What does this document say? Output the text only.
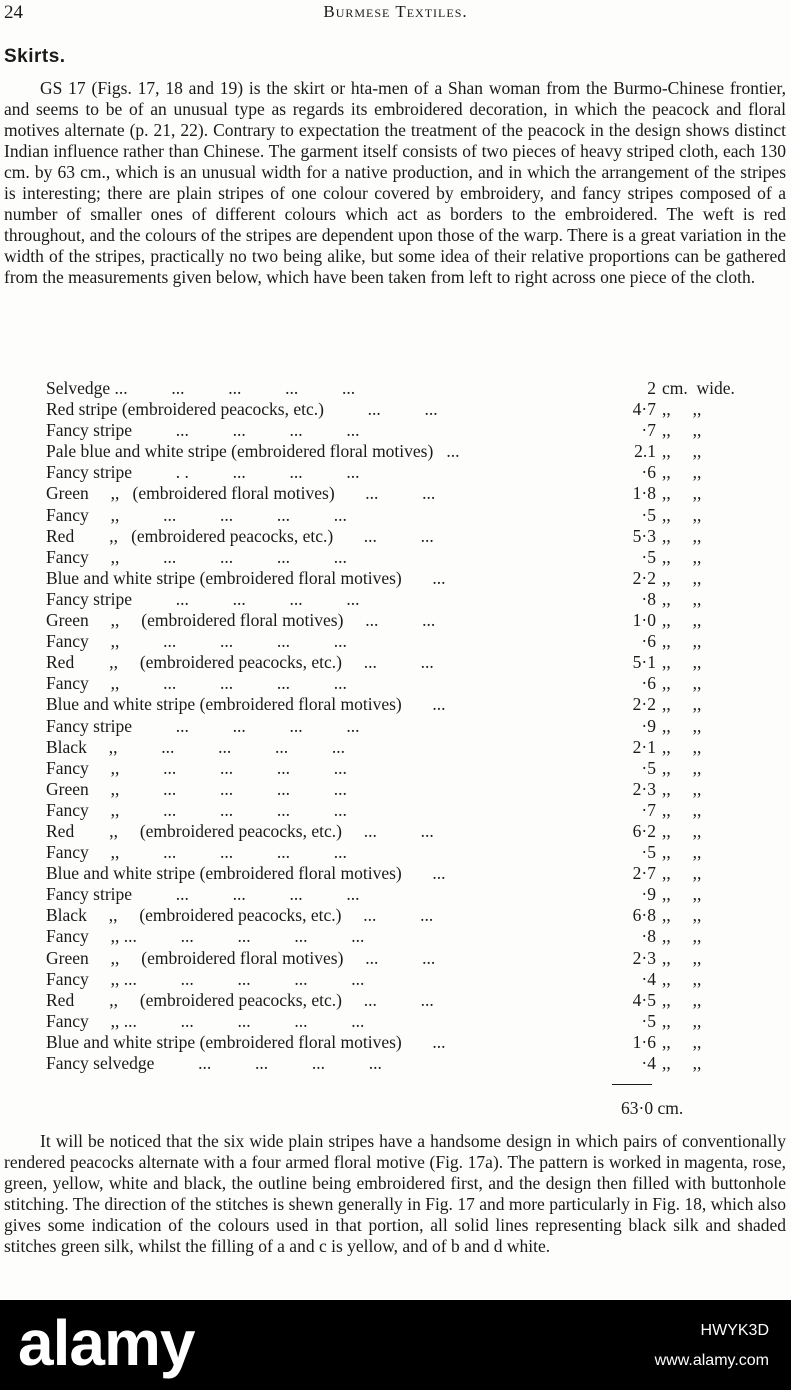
24	Burmese Textiles.
Skirts.

GS 17 (Figs. 17, 18 and 19) is the skirt or hta-men of a Shan woman from the Burmo-Chinese frontier, and seems to be of an unusual type as regards its embroidered decoration, in which the peacock and floral motives alternate (p. 21, 22). Contrary to expectation the treatment of the peacock in the design shows distinct Indian influence rather than Chinese. The garment itself consists of two pieces of heavy striped cloth, each 130 cm. by 63 cm., which is an unusual width for a native production, and in which the arrangement of the stripes is interesting; there are plain stripes of one colour covered by embroidery, and fancy stripes composed of a number of smaller ones of different colours which act as borders to the embroidered. The weft is red throughout, and the colours of the stripes are dependent upon those of the warp. There is a great variation in the width of the stripes, practically no two being alike, but some idea of their relative proportions can be gathered from the measurements given below, which have been taken from left to right across one piece of the cloth.

Selvedge ...          ...          ...          ...          ...	2 cm.  wide.
Red stripe (embroidered peacocks, etc.)          ...          ...	4·7 ,,     ,,
Fancy stripe          ...          ...          ...          ...	·7 ,,     ,,
Pale blue and white stripe (embroidered floral motives)   ...	2.1 ,,     ,,
Fancy stripe          . .          ...          ...          ...	·6 ,,     ,,
Green     ,,   (embroidered floral motives)       ...          ...	1·8 ,,     ,,
Fancy     ,,          ...          ...          ...          ...	·5 ,,     ,,
Red        ,,   (embroidered peacocks, etc.)       ...          ...	5·3 ,,     ,,
Fancy     ,,          ...          ...          ...          ...	·5 ,,     ,,
Blue and white stripe (embroidered floral motives)       ...	2·2 ,,     ,,
Fancy stripe          ...          ...          ...          ...	·8 ,,     ,,
Green     ,,     (embroidered floral motives)     ...          ...	1·0 ,,     ,,
Fancy     ,,          ...          ...          ...          ...	·6 ,,     ,,
Red        ,,     (embroidered peacocks, etc.)     ...          ...	5·1 ,,     ,,
Fancy     ,,          ...          ...          ...          ...	·6 ,,     ,,
Blue and white stripe (embroidered floral motives)       ...	2·2 ,,     ,,
Fancy stripe          ...          ...          ...          ...	·9 ,,     ,,
Black     ,,          ...          ...          ...          ...	2·1 ,,     ,,
Fancy     ,,          ...          ...          ...          ...	·5 ,,     ,,
Green     ,,          ...          ...          ...          ...	2·3 ,,     ,,
Fancy     ,,          ...          ...          ...          ...	·7 ,,     ,,
Red        ,,     (embroidered peacocks, etc.)     ...          ...	6·2 ,,     ,,
Fancy     ,,          ...          ...          ...          ...	·5 ,,     ,,
Blue and white stripe (embroidered floral motives)       ...	2·7 ,,     ,,
Fancy stripe          ...          ...          ...          ...	·9 ,,     ,,
Black     ,,     (embroidered peacocks, etc.)     ...          ...	6·8 ,,     ,,
Fancy     ,, ...          ...          ...          ...          ...	·8 ,,     ,,
Green     ,,     (embroidered floral motives)     ...          ...	2·3 ,,     ,,
Fancy     ,, ...          ...          ...          ...          ...	·4 ,,     ,,
Red        ,,     (embroidered peacocks, etc.)     ...          ...	4·5 ,,     ,,
Fancy     ,, ...          ...          ...          ...          ...	·5 ,,     ,,
Blue and white stripe (embroidered floral motives)       ...	1·6 ,,     ,,
Fancy selvedge          ...          ...          ...          ...	·4 ,,     ,,
63·0 cm.

It will be noticed that the six wide plain stripes have a handsome design in which pairs of conventionally rendered peacocks alternate with a four armed floral motive (Fig. 17a). The pattern is worked in magenta, rose, green, yellow, white and black, the outline being embroidered first, and the design then filled with buttonhole stitching. The direction of the stitches is shewn generally in Fig. 17 and more particularly in Fig. 18, which also gives some indication of the colours used in that portion, all solid lines representing black silk and shaded stitches green silk, whilst the filling of a and c is yellow, and of b and d white.

alamy	HWYK3D
www.alamy.com
